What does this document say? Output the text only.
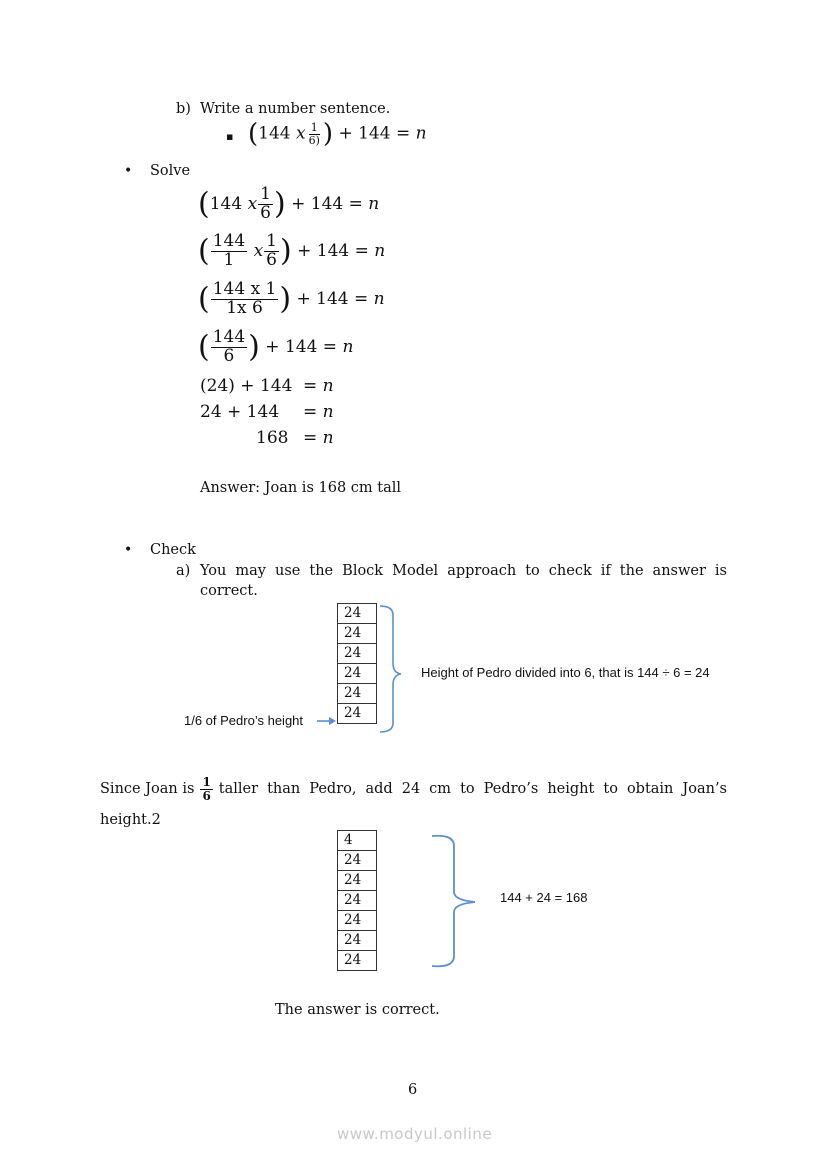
b) Write a number sentence.
▪ (144 x $\frac{1}{6)}$ ) + 144 = n
• Solve
(144 x $\frac{1}{6}$ ) + 144 = n
( $\frac{144}{1}$ x $\frac{1}{6}$ ) + 144 = n
( $\frac{144 x 1}{1x 6}$ ) + 144 = n
( $\frac{144}{6}$ ) + 144 = n
(24) + 144 = n
24 + 144 = n
168 = n
Answer: Joan is 168 cm tall
• Check
a) You may use the Block Model approach to check if the answer is
correct.
24
24
24
24
24
24
Height of Pedro divided into 6, that is 144 ÷ 6 = 24
1/6 of Pedro’s height
Since Joan is $\frac{1}{6}$ taller than Pedro, add 24 cm to Pedro’s height to obtain Joan’s
height.2
4
24
24
24
24
24
24
144 + 24 = 168
The answer is correct.
6
www.modyul.online
